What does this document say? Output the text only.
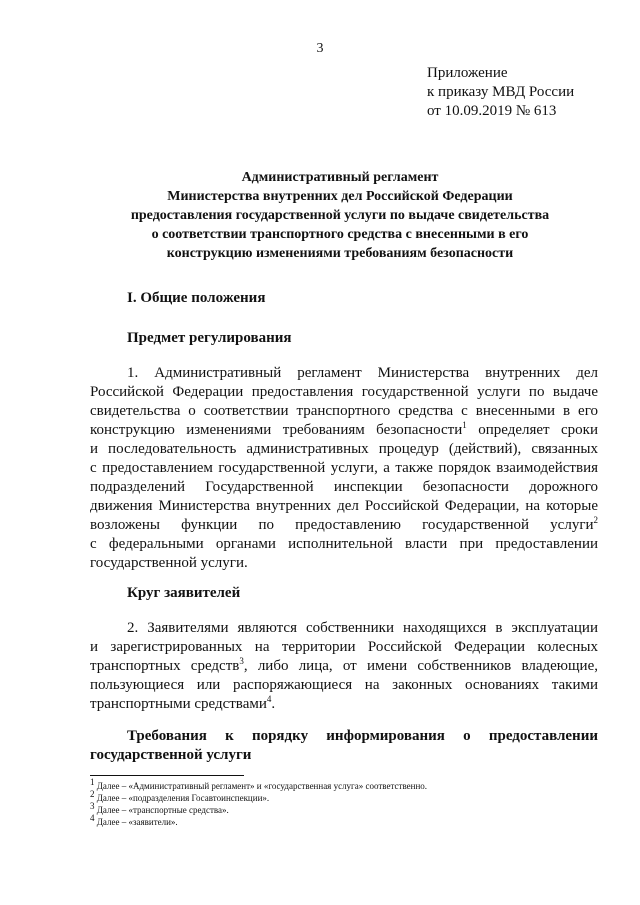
3
Приложение
к приказу МВД России
от 10.09.2019 № 613
Административный регламент
Министерства внутренних дел Российской Федерации
предоставления государственной услуги по выдаче свидетельства
о соответствии транспортного средства с внесенными в его
конструкцию изменениями требованиям безопасности
I. Общие положения
Предмет регулирования
1. Административный регламент Министерства внутренних дел
Российской Федерации предоставления государственной услуги по выдаче
свидетельства о соответствии транспортного средства с внесенными в его
конструкцию изменениями требованиям безопасности$^1$ определяет сроки
и последовательность административных процедур (действий), связанных
с предоставлением государственной услуги, а также порядок взаимодействия
подразделений Государственной инспекции безопасности дорожного
движения Министерства внутренних дел Российской Федерации, на которые
возложены функции по предоставлению государственной услуги$^2$
с федеральными органами исполнительной власти при предоставлении
государственной услуги.
Круг заявителей
2. Заявителями являются собственники находящихся в эксплуатации
и зарегистрированных на территории Российской Федерации колесных
транспортных средств$^3$, либо лица, от имени собственников владеющие,
пользующиеся или распоряжающиеся на законных основаниях такими
транспортными средствами$^4$.
Требования к порядку информирования о предоставлении
государственной услуги
$^1$ Далее – «Административный регламент» и «государственная услуга» соответственно.
$^2$ Далее – «подразделения Госавтоинспекции».
$^3$ Далее – «транспортные средства».
$^4$ Далее – «заявители».
